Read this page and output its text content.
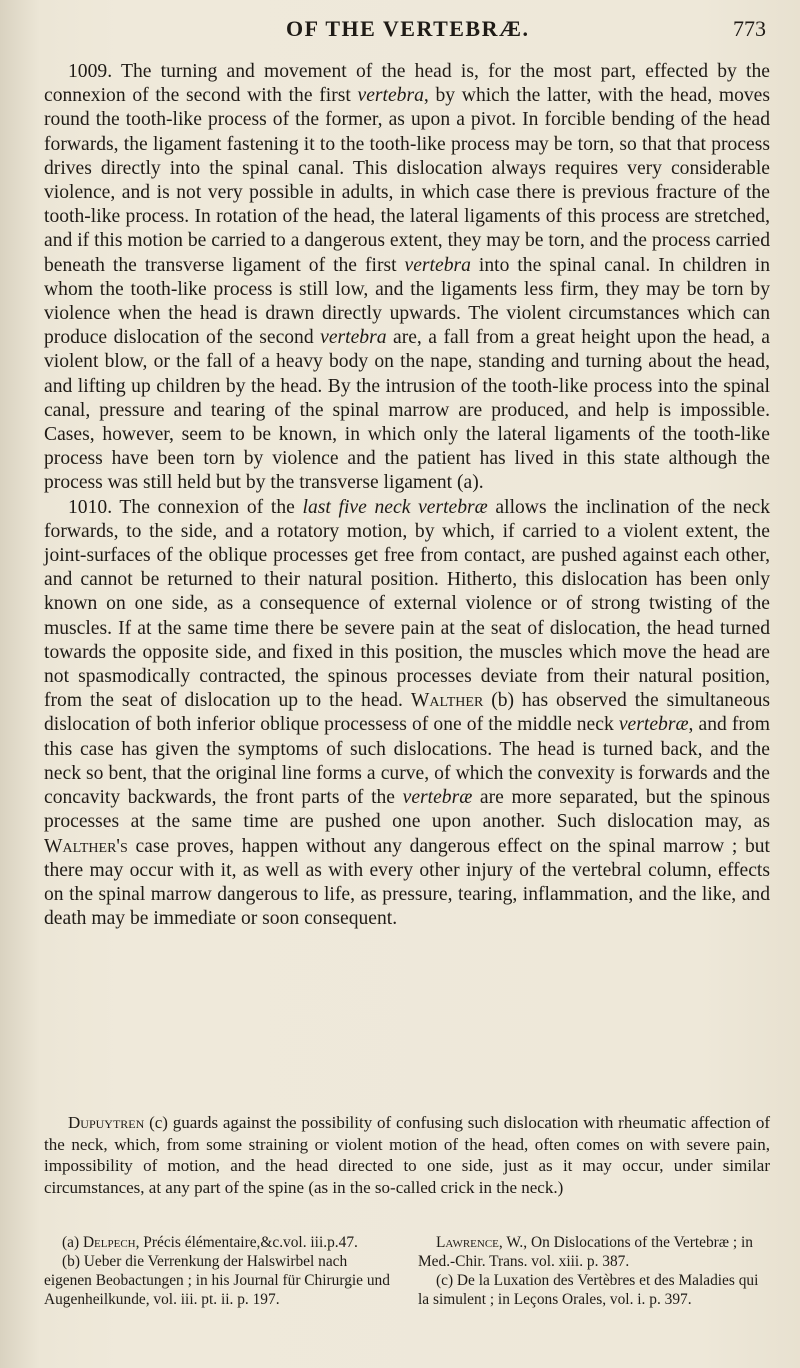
OF THE VERTEBRÆ.	773

1009. The turning and movement of the head is, for the most part, effected by the connexion of the second with the first vertebra, by which the latter, with the head, moves round the tooth-like process of the former, as upon a pivot. In forcible bending of the head forwards, the ligament fastening it to the tooth-like process may be torn, so that that process drives directly into the spinal canal. This dislocation always requires very considerable violence, and is not very possible in adults, in which case there is previous fracture of the tooth-like process. In rotation of the head, the lateral ligaments of this process are stretched, and if this motion be carried to a dangerous extent, they may be torn, and the process carried beneath the transverse ligament of the first vertebra into the spinal canal. In children in whom the tooth-like process is still low, and the ligaments less firm, they may be torn by violence when the head is drawn directly upwards. The violent circumstances which can produce dislocation of the second vertebra are, a fall from a great height upon the head, a violent blow, or the fall of a heavy body on the nape, standing and turning about the head, and lifting up children by the head. By the intrusion of the tooth-like process into the spinal canal, pressure and tearing of the spinal marrow are produced, and help is impossible. Cases, however, seem to be known, in which only the lateral ligaments of the tooth-like process have been torn by violence and the patient has lived in this state although the process was still held but by the transverse ligament (a).

1010. The connexion of the last five neck vertebræ allows the inclination of the neck forwards, to the side, and a rotatory motion, by which, if carried to a violent extent, the joint-surfaces of the oblique processes get free from contact, are pushed against each other, and cannot be returned to their natural position. Hitherto, this dislocation has been only known on one side, as a consequence of external violence or of strong twisting of the muscles. If at the same time there be severe pain at the seat of dislocation, the head turned towards the opposite side, and fixed in this position, the muscles which move the head are not spasmodically contracted, the spinous processes deviate from their natural position, from the seat of dislocation up to the head. Walther (b) has observed the simultaneous dislocation of both inferior oblique processess of one of the middle neck vertebræ, and from this case has given the symptoms of such dislocations. The head is turned back, and the neck so bent, that the original line forms a curve, of which the convexity is forwards and the concavity backwards, the front parts of the vertebræ are more separated, but the spinous processes at the same time are pushed one upon another. Such dislocation may, as Walther's case proves, happen without any dangerous effect on the spinal marrow ; but there may occur with it, as well as with every other injury of the vertebral column, effects on the spinal marrow dangerous to life, as pressure, tearing, inflammation, and the like, and death may be immediate or soon consequent.

Dupuytren (c) guards against the possibility of confusing such dislocation with rheumatic affection of the neck, which, from some straining or violent motion of the head, often comes on with severe pain, impossibility of motion, and the head directed to one side, just as it may occur, under similar circumstances, at any part of the spine (as in the so-called crick in the neck.)

(a) Delpech, Précis élémentaire,&c.vol. iii.p.47.

(b) Ueber die Verrenkung der Halswirbel nach eigenen Beobactungen ; in his Journal für Chirurgie und Augenheilkunde, vol. iii. pt. ii. p. 197.

Lawrence, W., On Dislocations of the Vertebræ ; in Med.-Chir. Trans. vol. xiii. p. 387.

(c) De la Luxation des Vertèbres et des Maladies qui la simulent ; in Leçons Orales, vol. i. p. 397.
